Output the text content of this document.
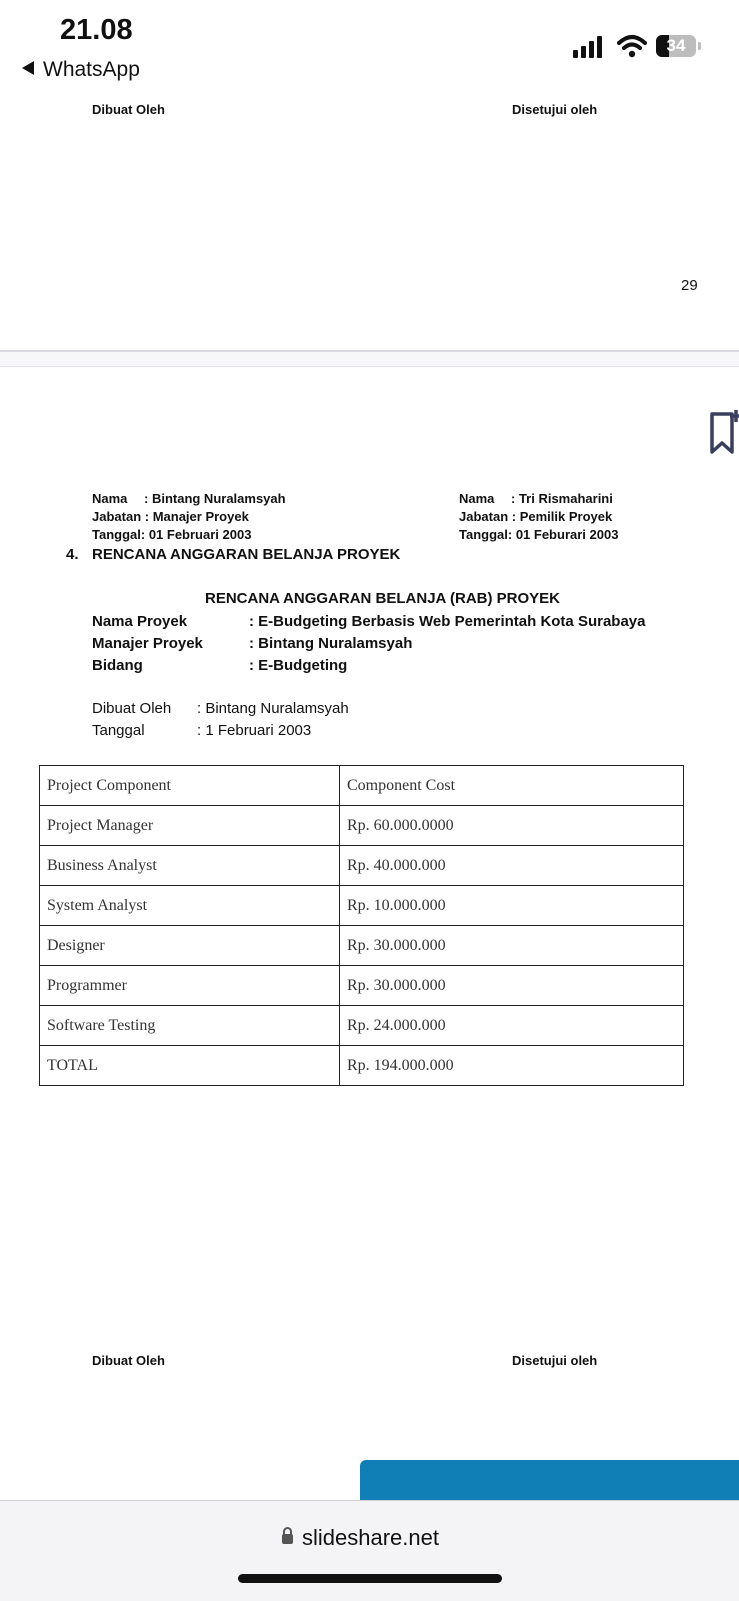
21.08
WhatsApp
34
Dibuat Oleh	Disetujui oleh
29
Nama : Bintang Nuralamsyah
Jabatan : Manajer Proyek
Tanggal: 01 Februari 2003
Nama : Tri Rismaharini
Jabatan : Pemilik Proyek
Tanggal: 01 Feburari 2003
4. RENCANA ANGGARAN BELANJA PROYEK
RENCANA ANGGARAN BELANJA (RAB) PROYEK
Nama Proyek	: E-Budgeting Berbasis Web Pemerintah Kota Surabaya
Manajer Proyek	: Bintang Nuralamsyah
Bidang	: E-Budgeting
Dibuat Oleh : Bintang Nuralamsyah
Tanggal	: 1 Februari 2003
Project Component	Component Cost
Project Manager	Rp. 60.000.0000
Business Analyst	Rp. 40.000.000
System Analyst	Rp. 10.000.000
Designer	Rp. 30.000.000
Programmer	Rp. 30.000.000
Software Testing	Rp. 24.000.000
TOTAL	Rp. 194.000.000
Dibuat Oleh	Disetujui oleh
slideshare.net
